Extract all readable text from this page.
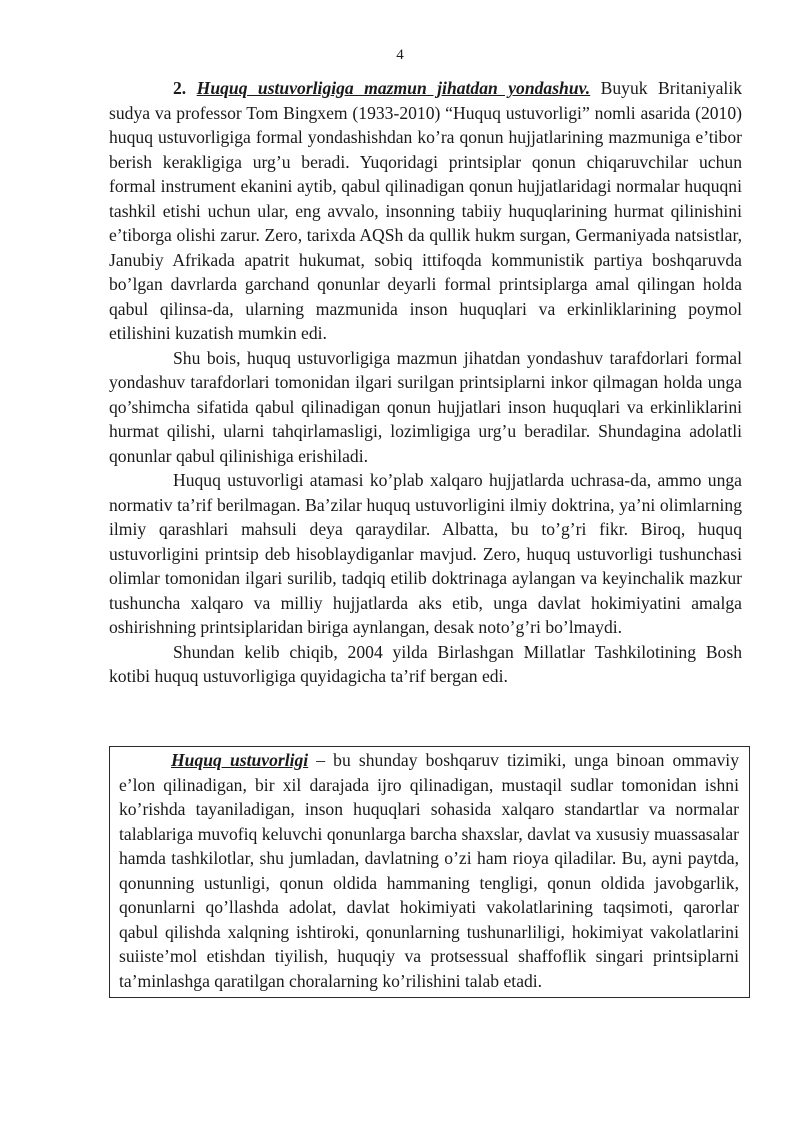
4

2. Huquq ustuvorligiga mazmun jihatdan yondashuv. Buyuk Britaniyalik sudya va professor Tom Bingxem (1933-2010) “Huquq ustuvorligi” nomli asarida (2010) huquq ustuvorligiga formal yondashishdan ko’ra qonun hujjatlarining mazmuniga e’tibor berish kerakligiga urg’u beradi. Yuqoridagi printsiplar qonun chiqaruvchilar uchun formal instrument ekanini aytib, qabul qilinadigan qonun hujjatlaridagi normalar huquqni tashkil etishi uchun ular, eng avvalo, insonning tabiiy huquqlarining hurmat qilinishini e’tiborga olishi zarur. Zero, tarixda AQSh da qullik hukm surgan, Germaniyada natsistlar, Janubiy Afrikada apatrit hukumat, sobiq ittifoqda kommunistik partiya boshqaruvda bo’lgan davrlarda garchand qonunlar deyarli formal printsiplarga amal qilingan holda qabul qilinsa-da, ularning mazmunida inson huquqlari va erkinliklarining poymol etilishini kuzatish mumkin edi.

Shu bois, huquq ustuvorligiga mazmun jihatdan yondashuv tarafdorlari formal yondashuv tarafdorlari tomonidan ilgari surilgan printsiplarni inkor qilmagan holda unga qo’shimcha sifatida qabul qilinadigan qonun hujjatlari inson huquqlari va erkinliklarini hurmat qilishi, ularni tahqirlamasligi, lozimligiga urg’u beradilar. Shundagina adolatli qonunlar qabul qilinishiga erishiladi.

Huquq ustuvorligi atamasi ko’plab xalqaro hujjatlarda uchrasa-da, ammo unga normativ ta’rif berilmagan. Ba’zilar huquq ustuvorligini ilmiy doktrina, ya’ni olimlarning ilmiy qarashlari mahsuli deya qaraydilar. Albatta, bu to’g’ri fikr. Biroq, huquq ustuvorligini printsip deb hisoblaydiganlar mavjud. Zero, huquq ustuvorligi tushunchasi olimlar tomonidan ilgari surilib, tadqiq etilib doktrinaga aylangan va keyinchalik mazkur tushuncha xalqaro va milliy hujjatlarda aks etib, unga davlat hokimiyatini amalga oshirishning printsiplaridan biriga aynlangan, desak noto’g’ri bo’lmaydi.

Shundan kelib chiqib, 2004 yilda Birlashgan Millatlar Tashkilotining Bosh kotibi huquq ustuvorligiga quyidagicha ta’rif bergan edi.

Huquq ustuvorligi – bu shunday boshqaruv tizimiki, unga binoan ommaviy e’lon qilinadigan, bir xil darajada ijro qilinadigan, mustaqil sudlar tomonidan ishni ko’rishda tayaniladigan, inson huquqlari sohasida xalqaro standartlar va normalar talablariga muvofiq keluvchi qonunlarga barcha shaxslar, davlat va xususiy muassasalar hamda tashkilotlar, shu jumladan, davlatning o’zi ham rioya qiladilar. Bu, ayni paytda, qonunning ustunligi, qonun oldida hammaning tengligi, qonun oldida javobgarlik, qonunlarni qo’llashda adolat, davlat hokimiyati vakolatlarining taqsimoti, qarorlar qabul qilishda xalqning ishtiroki, qonunlarning tushunarliligi, hokimiyat vakolatlarini suiiste’mol etishdan tiyilish, huquqiy va protsessual shaffoflik singari printsiplarni ta’minlashga qaratilgan choralarning ko’rilishini talab etadi.
